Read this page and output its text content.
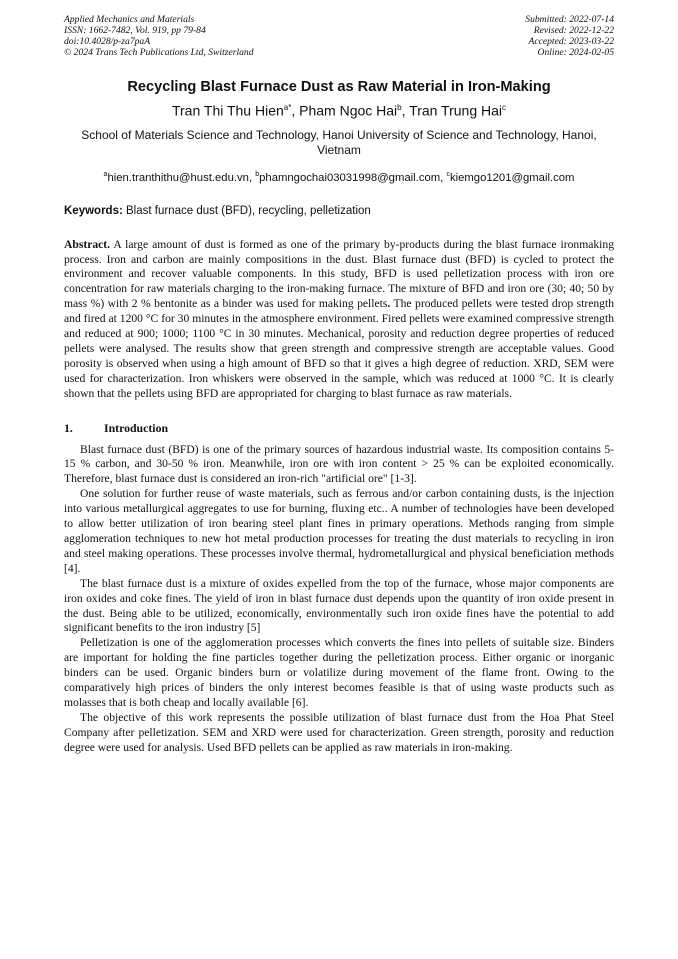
Applied Mechanics and Materials
ISSN: 1662-7482, Vol. 919, pp 79-84
doi:10.4028/p-za7paA
© 2024 Trans Tech Publications Ltd, Switzerland
Submitted: 2022-07-14
Revised: 2022-12-22
Accepted: 2023-03-22
Online: 2024-02-05
Recycling Blast Furnace Dust as Raw Material in Iron-Making
Tran Thi Thu Hien$^{a*}$, Pham Ngoc Hai$^b$, Tran Trung Hai$^c$
School of Materials Science and Technology, Hanoi University of Science and Technology, Hanoi, Vietnam
$^a$hien.tranthithu@hust.edu.vn, $^b$phamngochai03031998@gmail.com, $^c$kiemgo1201@gmail.com
Keywords: Blast furnace dust (BFD), recycling, pelletization
Abstract. A large amount of dust is formed as one of the primary by-products during the blast furnace ironmaking process. Iron and carbon are mainly compositions in the dust. Blast furnace dust (BFD) is cycled to protect the environment and recover valuable components. In this study, BFD is used pelletization process with iron ore concentration for raw materials charging to the iron-making furnace. The mixture of BFD and iron ore (30; 40; 50 by mass %) with 2 % bentonite as a binder was used for making pellets. The produced pellets were tested drop strength and fired at 1200 °C for 30 minutes in the atmosphere environment. Fired pellets were examined compressive strength and reduced at 900; 1000; 1100 °C in 30 minutes. Mechanical, porosity and reduction degree properties of reduced pellets were analysed. The results show that green strength and compressive strength are acceptable values. Good porosity is observed when using a high amount of BFD so that it gives a high degree of reduction. XRD, SEM were used for characterization. Iron whiskers were observed in the sample, which was reduced at 1000 °C. It is clearly shown that the pellets using BFD are appropriated for charging to blast furnace as raw materials.
1.	Introduction

Blast furnace dust (BFD) is one of the primary sources of hazardous industrial waste. Its composition contains 5-15 % carbon, and 30-50 % iron. Meanwhile, iron ore with iron content > 25 % can be exploited economically. Therefore, blast furnace dust is considered an iron-rich "artificial ore" [1-3].

One solution for further reuse of waste materials, such as ferrous and/or carbon containing dusts, is the injection into various metallurgical aggregates to use for burning, fluxing etc.. A number of technologies have been developed to allow better utilization of iron bearing steel plant fines in primary operations. Methods ranging from simple agglomeration techniques to new hot metal production processes for treating the dust materials to recycling in iron and steel making operations. These processes involve thermal, hydrometallurgical and physical beneficiation methods [4].

The blast furnace dust is a mixture of oxides expelled from the top of the furnace, whose major components are iron oxides and coke fines. The yield of iron in blast furnace dust depends upon the quantity of iron oxide present in the dust. Being able to be utilized, economically, environmentally such iron oxide fines have the potential to add significant benefits to the iron industry [5]

Pelletization is one of the agglomeration processes which converts the fines into pellets of suitable size. Binders are important for holding the fine particles together during the pelletization process. Either organic or inorganic binders can be used. Organic binders burn or volatilize during movement of the flame front. Owing to the comparatively high prices of binders the only interest becomes feasible is that of using waste products such as molasses that is both cheap and locally available [6].

The objective of this work represents the possible utilization of blast furnace dust from the Hoa Phat Steel Company after pelletization. SEM and XRD were used for characterization. Green strength, porosity and reduction degree were used for analysis. Used BFD pellets can be applied as raw materials in iron-making.
